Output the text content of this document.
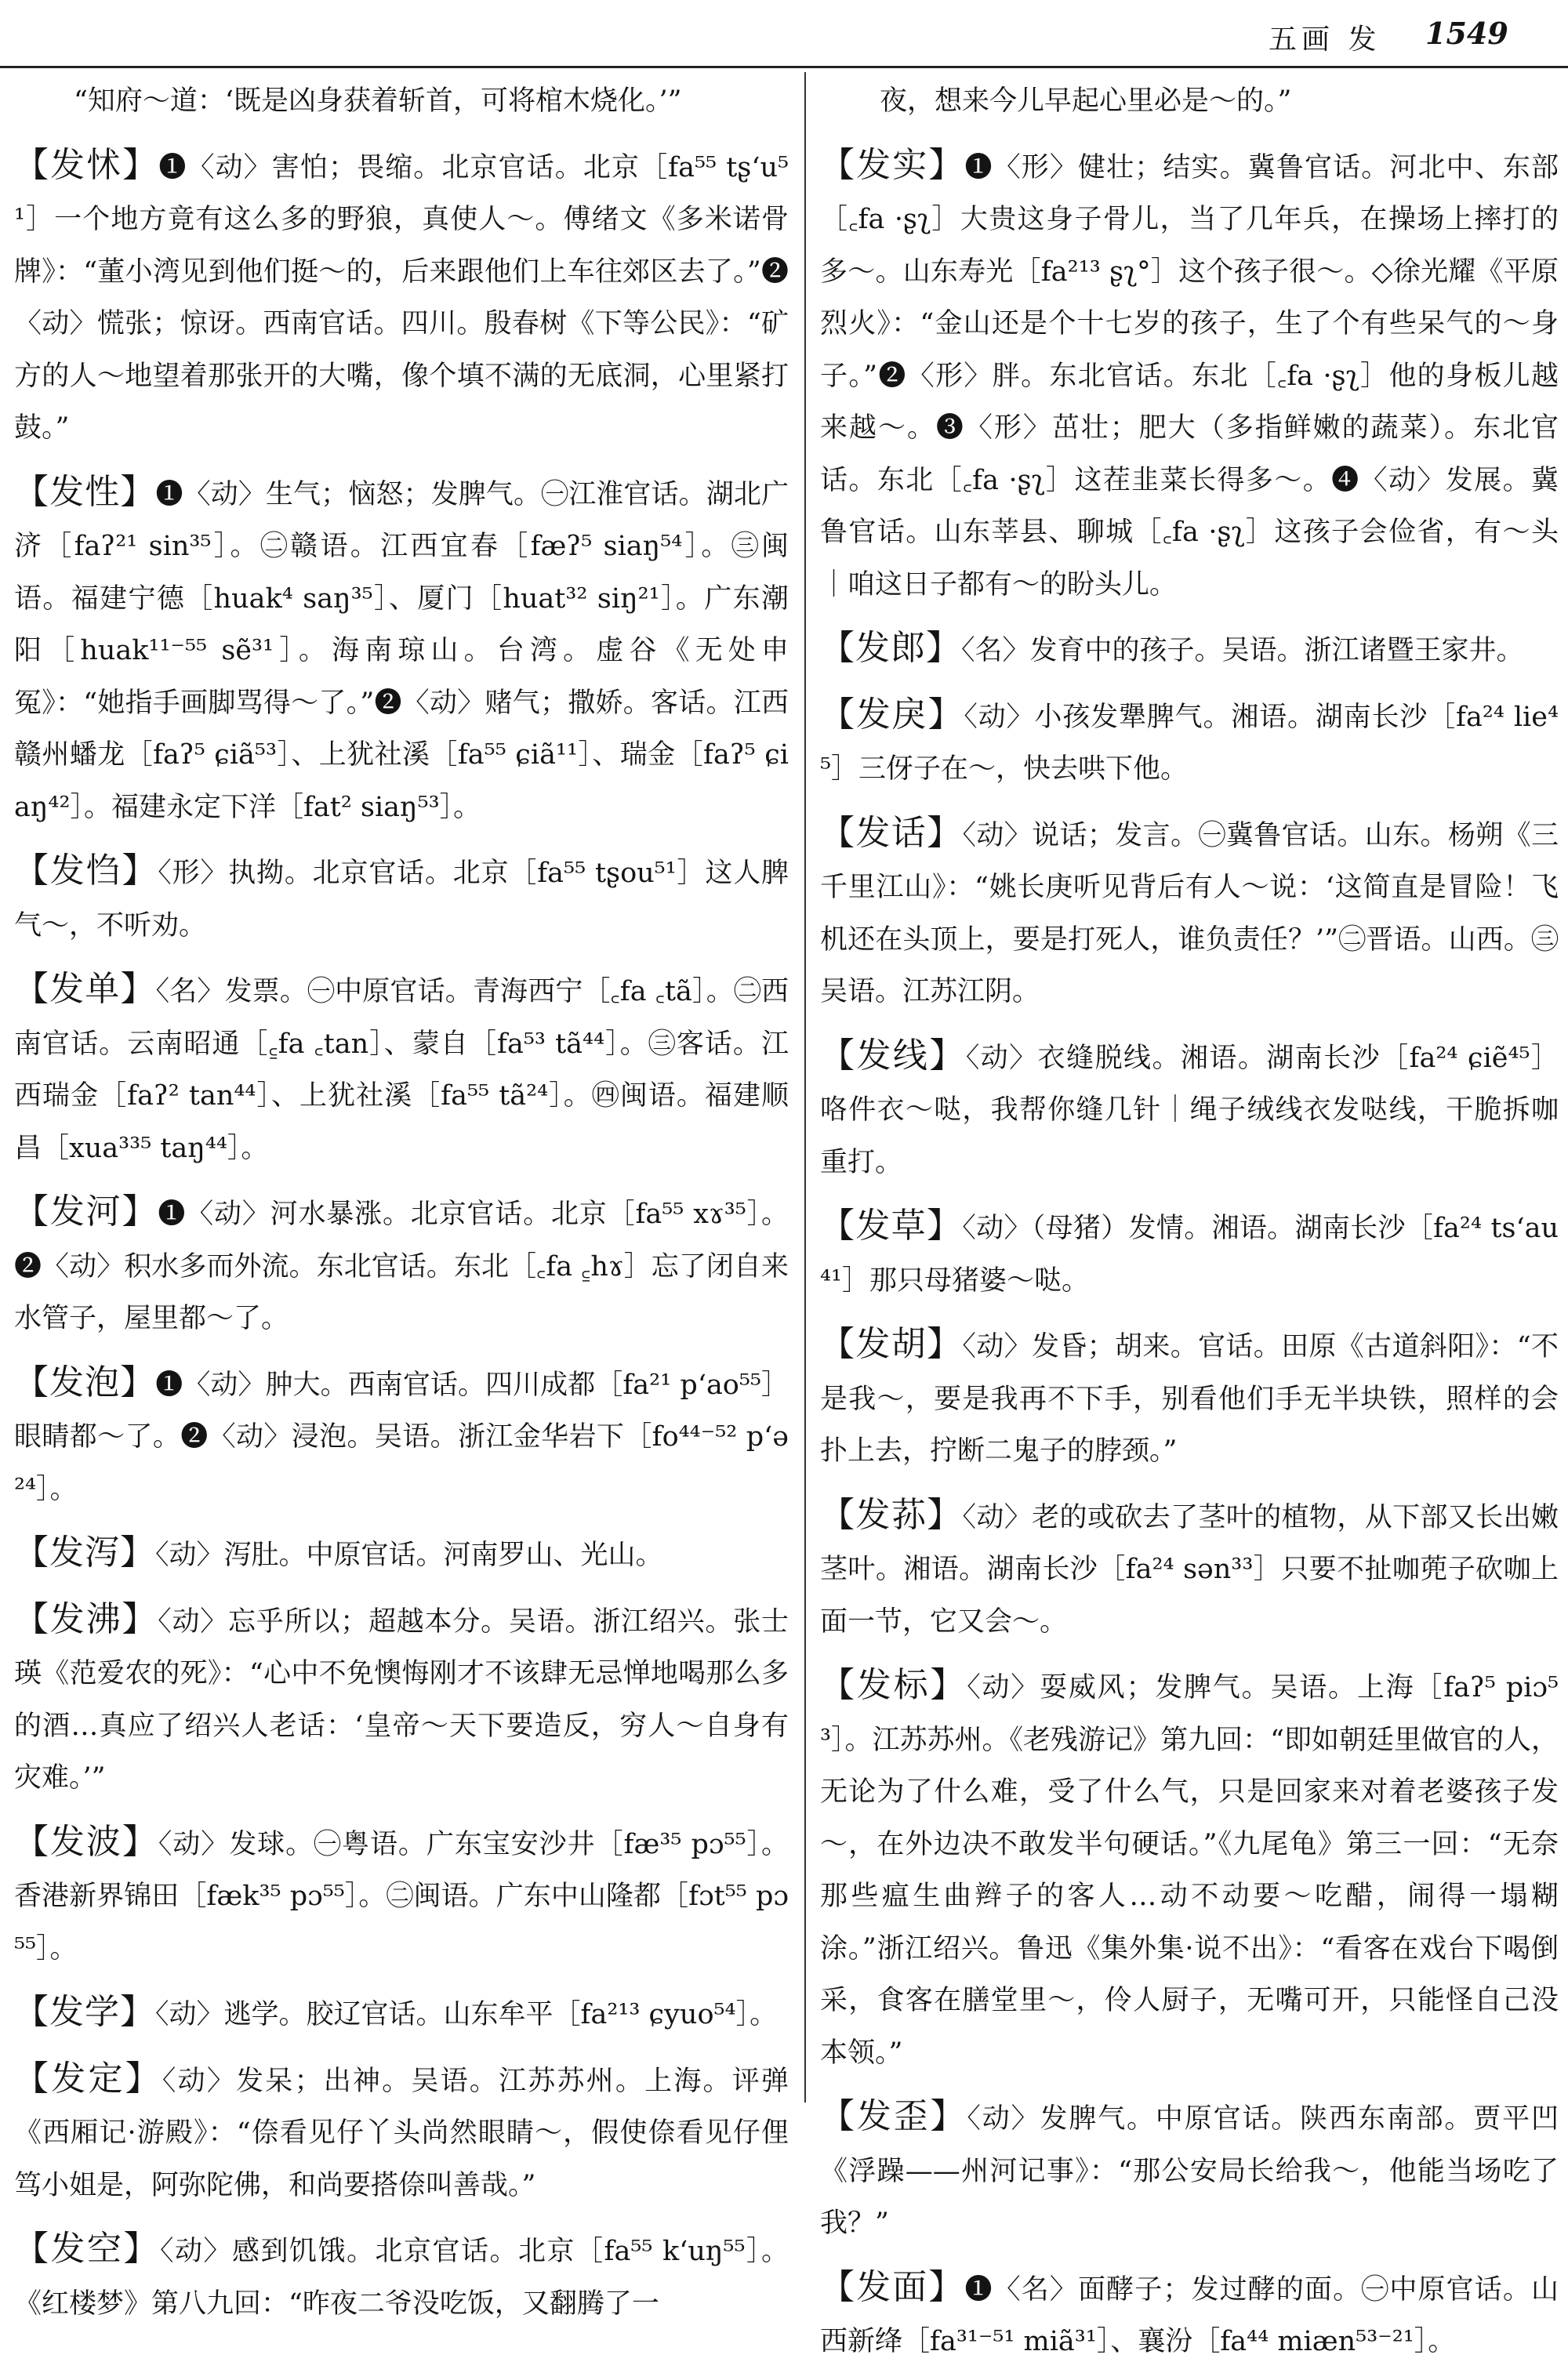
五画 发 1549

“知府～道：‘既是凶身获着斩首，可将棺木烧化。’”

【发怵】❶〈动〉害怕；畏缩。北京官话。北京［fa⁵⁵ tʂ‘u⁵¹］一个地方竟有这么多的野狼，真使人～。傅绪文《多米诺骨牌》：“董小湾见到他们挺～的，后来跟他们上车往郊区去了。”❷〈动〉慌张；惊讶。西南官话。四川。殷春树《下等公民》：“矿方的人～地望着那张开的大嘴，像个填不满的无底洞，心里紧打鼓。”

【发性】❶〈动〉生气；恼怒；发脾气。㊀江淮官话。湖北广济［faʔ²¹ sin³⁵］。㊁赣语。江西宜春［fæʔ⁵ siaŋ⁵⁴］。㊂闽语。福建宁德［huak⁴ saŋ³⁵］、厦门［huat³² siŋ²¹］。广东潮阳［huak¹¹⁻⁵⁵ sẽ³¹］。海南琼山。台湾。虚谷《无处申冤》：“她指手画脚骂得～了。”❷〈动〉赌气；撒娇。客话。江西赣州蟠龙［faʔ⁵ ɕiã⁵³］、上犹社溪［fa⁵⁵ ɕiã¹¹］、瑞金［faʔ⁵ ɕiaŋ⁴²］。福建永定下洋［fat² siaŋ⁵³］。

【发㤘】〈形〉执拗。北京官话。北京［fa⁵⁵ tʂou⁵¹］这人脾气～，不听劝。

【发单】〈名〉发票。㊀中原官话。青海西宁［꜀fa ꜀tã］。㊁西南官话。云南昭通［꜁fa ꜀tan］、蒙自［fa⁵³ tã⁴⁴］。㊂客话。江西瑞金［faʔ² tan⁴⁴］、上犹社溪［fa⁵⁵ tã²⁴］。㊃闽语。福建顺昌［xua³³⁵ taŋ⁴⁴］。

【发河】❶〈动〉河水暴涨。北京官话。北京［fa⁵⁵ xɤ³⁵］。❷〈动〉积水多而外流。东北官话。东北［꜀fa ꜁hɤ］忘了闭自来水管子，屋里都～了。

【发泡】❶〈动〉肿大。西南官话。四川成都［fa²¹ p‘ao⁵⁵］眼睛都～了。❷〈动〉浸泡。吴语。浙江金华岩下［fo⁴⁴⁻⁵² p‘ə²⁴］。

【发泻】〈动〉泻肚。中原官话。河南罗山、光山。

【发沸】〈动〉忘乎所以；超越本分。吴语。浙江绍兴。张士瑛《范爱农的死》：“心中不免懊悔刚才不该肆无忌惮地喝那么多的酒…真应了绍兴人老话：‘皇帝～天下要造反，穷人～自身有灾难。’”

【发波】〈动〉发球。㊀粤语。广东宝安沙井［fæ³⁵ pɔ⁵⁵］。香港新界锦田［fæk³⁵ pɔ⁵⁵］。㊁闽语。广东中山隆都［fɔt⁵⁵ pɔ⁵⁵］。

【发学】〈动〉逃学。胶辽官话。山东牟平［fa²¹³ ɕyuo⁵⁴］。

【发定】〈动〉发呆；出神。吴语。江苏苏州。上海。评弹《西厢记·游殿》：“倷看见仔丫头尚然眼睛～，假使倷看见仔俚笃小姐是，阿弥陀佛，和尚要搭倷叫善哉。”

【发空】〈动〉感到饥饿。北京官话。北京［fa⁵⁵ k‘uŋ⁵⁵］。《红楼梦》第八九回：“昨夜二爷没吃饭，又翻腾了一

夜，想来今儿早起心里必是～的。”

【发实】❶〈形〉健壮；结实。冀鲁官话。河北中、东部［꜀fa ·ʂʅ］大贵这身子骨儿，当了几年兵，在操场上摔打的多～。山东寿光［fa²¹³ ʂʅ°］这个孩子很～。◇徐光耀《平原烈火》：“金山还是个十七岁的孩子，生了个有些呆气的～身子。”❷〈形〉胖。东北官话。东北［꜀fa ·ʂʅ］他的身板儿越来越～。❸〈形〉茁壮；肥大（多指鲜嫩的蔬菜）。东北官话。东北［꜀fa ·ʂʅ］这茬韭菜长得多～。❹〈动〉发展。冀鲁官话。山东莘县、聊城［꜀fa ·ʂʅ］这孩子会俭省，有～头｜咱这日子都有～的盼头儿。

【发郎】〈名〉发育中的孩子。吴语。浙江诸暨王家井。

【发戾】〈动〉小孩发犟脾气。湘语。湖南长沙［fa²⁴ lie⁴⁵］三伢子在～，快去哄下他。

【发话】〈动〉说话；发言。㊀冀鲁官话。山东。杨朔《三千里江山》：“姚长庚听见背后有人～说：‘这简直是冒险！飞机还在头顶上，要是打死人，谁负责任？’”㊁晋语。山西。㊂吴语。江苏江阴。

【发线】〈动〉衣缝脱线。湘语。湖南长沙［fa²⁴ ɕiẽ⁴⁵］咯件衣～哒，我帮你缝几针｜绳子绒线衣发哒线，干脆拆咖重打。

【发草】〈动〉（母猪）发情。湘语。湖南长沙［fa²⁴ ts‘au⁴¹］那只母猪婆～哒。

【发胡】〈动〉发昏；胡来。官话。田原《古道斜阳》：“不是我～，要是我再不下手，别看他们手无半块铁，照样的会扑上去，拧断二鬼子的脖颈。”

【发荪】〈动〉老的或砍去了茎叶的植物，从下部又长出嫩茎叶。湘语。湖南长沙［fa²⁴ sən³³］只要不扯咖蔸子砍咖上面一节，它又会～。

【发标】〈动〉耍威风；发脾气。吴语。上海［faʔ⁵ piɔ⁵³］。江苏苏州。《老残游记》第九回：“即如朝廷里做官的人，无论为了什么难，受了什么气，只是回家来对着老婆孩子发～，在外边决不敢发半句硬话。”《九尾龟》第三一回：“无奈那些瘟生曲辫子的客人…动不动要～吃醋，闹得一塌糊涂。”浙江绍兴。鲁迅《集外集·说不出》：“看客在戏台下喝倒采，食客在膳堂里～，伶人厨子，无嘴可开，只能怪自己没本领。”

【发歪】〈动〉发脾气。中原官话。陕西东南部。贾平凹《浮躁——州河记事》：“那公安局长给我～，他能当场吃了我？”

【发面】❶〈名〉面酵子；发过酵的面。㊀中原官话。山西新绛［fa³¹⁻⁵¹ miã³¹］、襄汾［fa⁴⁴ miæn⁵³⁻²¹］。
